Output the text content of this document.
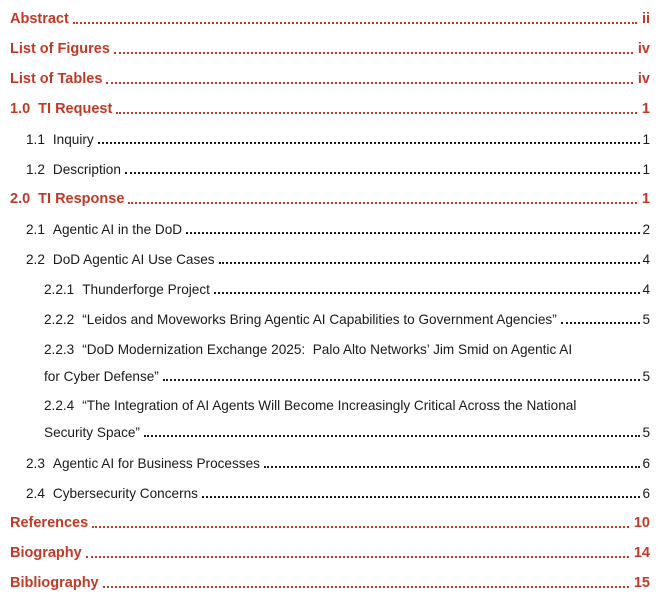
Abstract	ii
List of Figures	iv
List of Tables	iv
1.0 TI Request	1
1.1 Inquiry	1
1.2 Description	1
2.0 TI Response	1
2.1 Agentic AI in the DoD	2
2.2 DoD Agentic AI Use Cases	4
2.2.1 Thunderforge Project	4
2.2.2 “Leidos and Moveworks Bring Agentic AI Capabilities to Government Agencies”	5
2.2.3 “DoD Modernization Exchange 2025:  Palo Alto Networks’ Jim Smid on Agentic AI
for Cyber Defense”	5
2.2.4 “The Integration of AI Agents Will Become Increasingly Critical Across the National
Security Space”	5
2.3 Agentic AI for Business Processes	6
2.4 Cybersecurity Concerns	6
References	10
Biography	14
Bibliography	15
